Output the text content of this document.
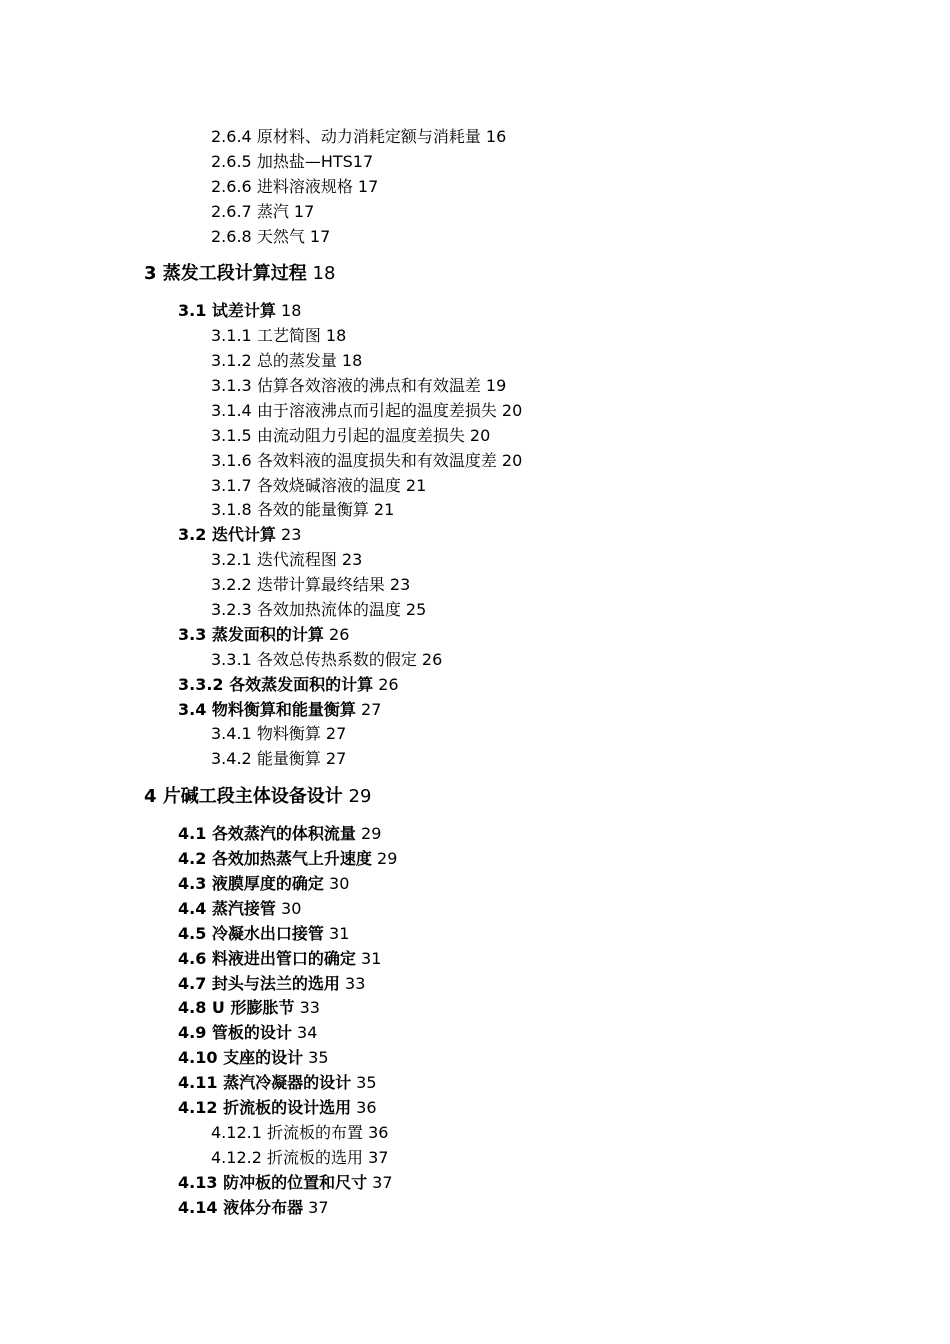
2.6.4 原材料、动力消耗定额与消耗量 16
2.6.5 加热盐—HTS17
2.6.6 进料溶液规格 17
2.6.7 蒸汽 17
2.6.8 天然气 17
3 蒸发工段计算过程 18
3.1 试差计算 18
3.1.1 工艺简图 18
3.1.2 总的蒸发量 18
3.1.3 估算各效溶液的沸点和有效温差 19
3.1.4 由于溶液沸点而引起的温度差损失 20
3.1.5 由流动阻力引起的温度差损失 20
3.1.6 各效料液的温度损失和有效温度差 20
3.1.7 各效烧碱溶液的温度 21
3.1.8 各效的能量衡算 21
3.2 迭代计算 23
3.2.1 迭代流程图 23
3.2.2 迭带计算最终结果 23
3.2.3 各效加热流体的温度 25
3.3 蒸发面积的计算 26
3.3.1 各效总传热系数的假定 26
3.3.2 各效蒸发面积的计算 26
3.4 物料衡算和能量衡算 27
3.4.1 物料衡算 27
3.4.2 能量衡算 27
4 片碱工段主体设备设计 29
4.1 各效蒸汽的体积流量 29
4.2 各效加热蒸气上升速度 29
4.3 液膜厚度的确定 30
4.4 蒸汽接管 30
4.5 冷凝水出口接管 31
4.6 料液进出管口的确定 31
4.7 封头与法兰的选用 33
4.8 U 形膨胀节 33
4.9 管板的设计 34
4.10 支座的设计 35
4.11 蒸汽冷凝器的设计 35
4.12 折流板的设计选用 36
4.12.1 折流板的布置 36
4.12.2 折流板的选用 37
4.13 防冲板的位置和尺寸 37
4.14 液体分布器 37
